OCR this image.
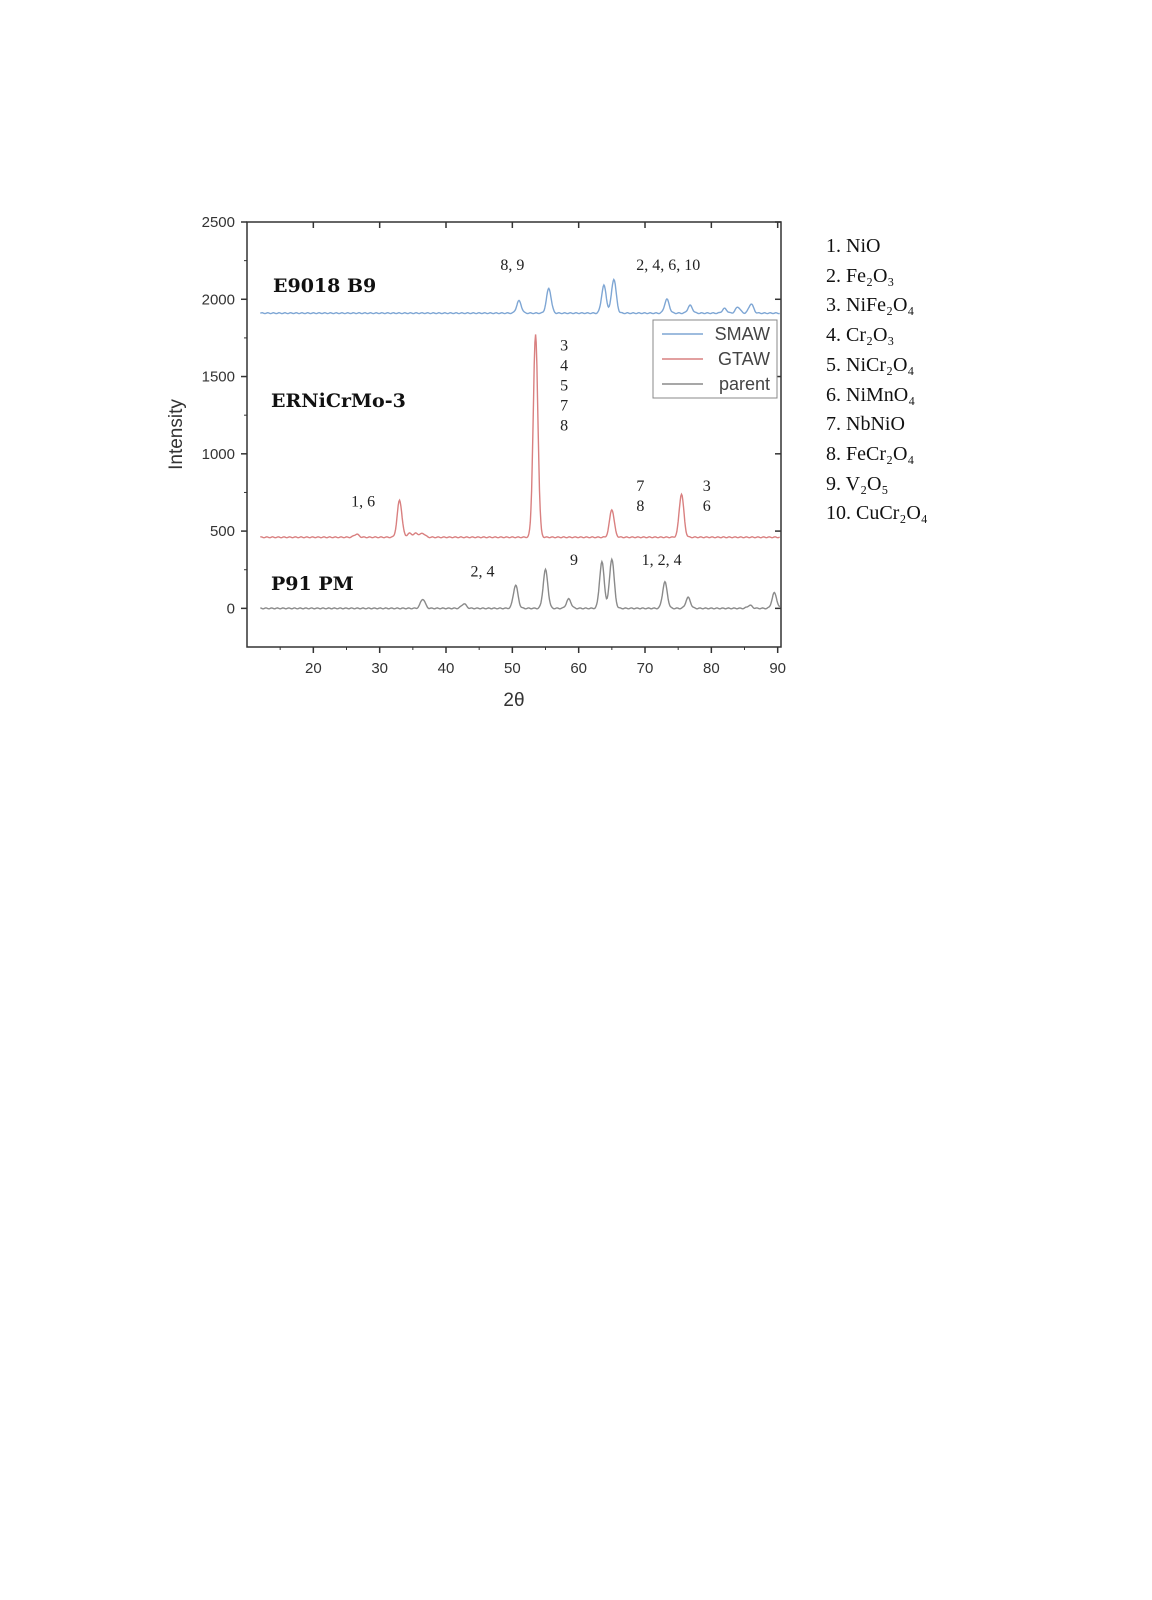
20	30	40	50	60	70	80	90
0
500
1000
1500
2000
2500
2θ
Intensity
E9018 B9
ERNiCrMo-3
P91 PM
8, 9	2, 4, 6, 10
3
4
5
7
8
1, 6
7
8
3
6
2, 4
9	1, 2, 4
SMAW
GTAW
parent
1. NiO
2. Fe₂O₃
3. NiFe₂O₄
4. Cr₂O₃
5. NiCr₂O₄
6. NiMnO₄
7. NbNiO
8. FeCr₂O₄
9. V₂O₅
10. CuCr₂O₄
